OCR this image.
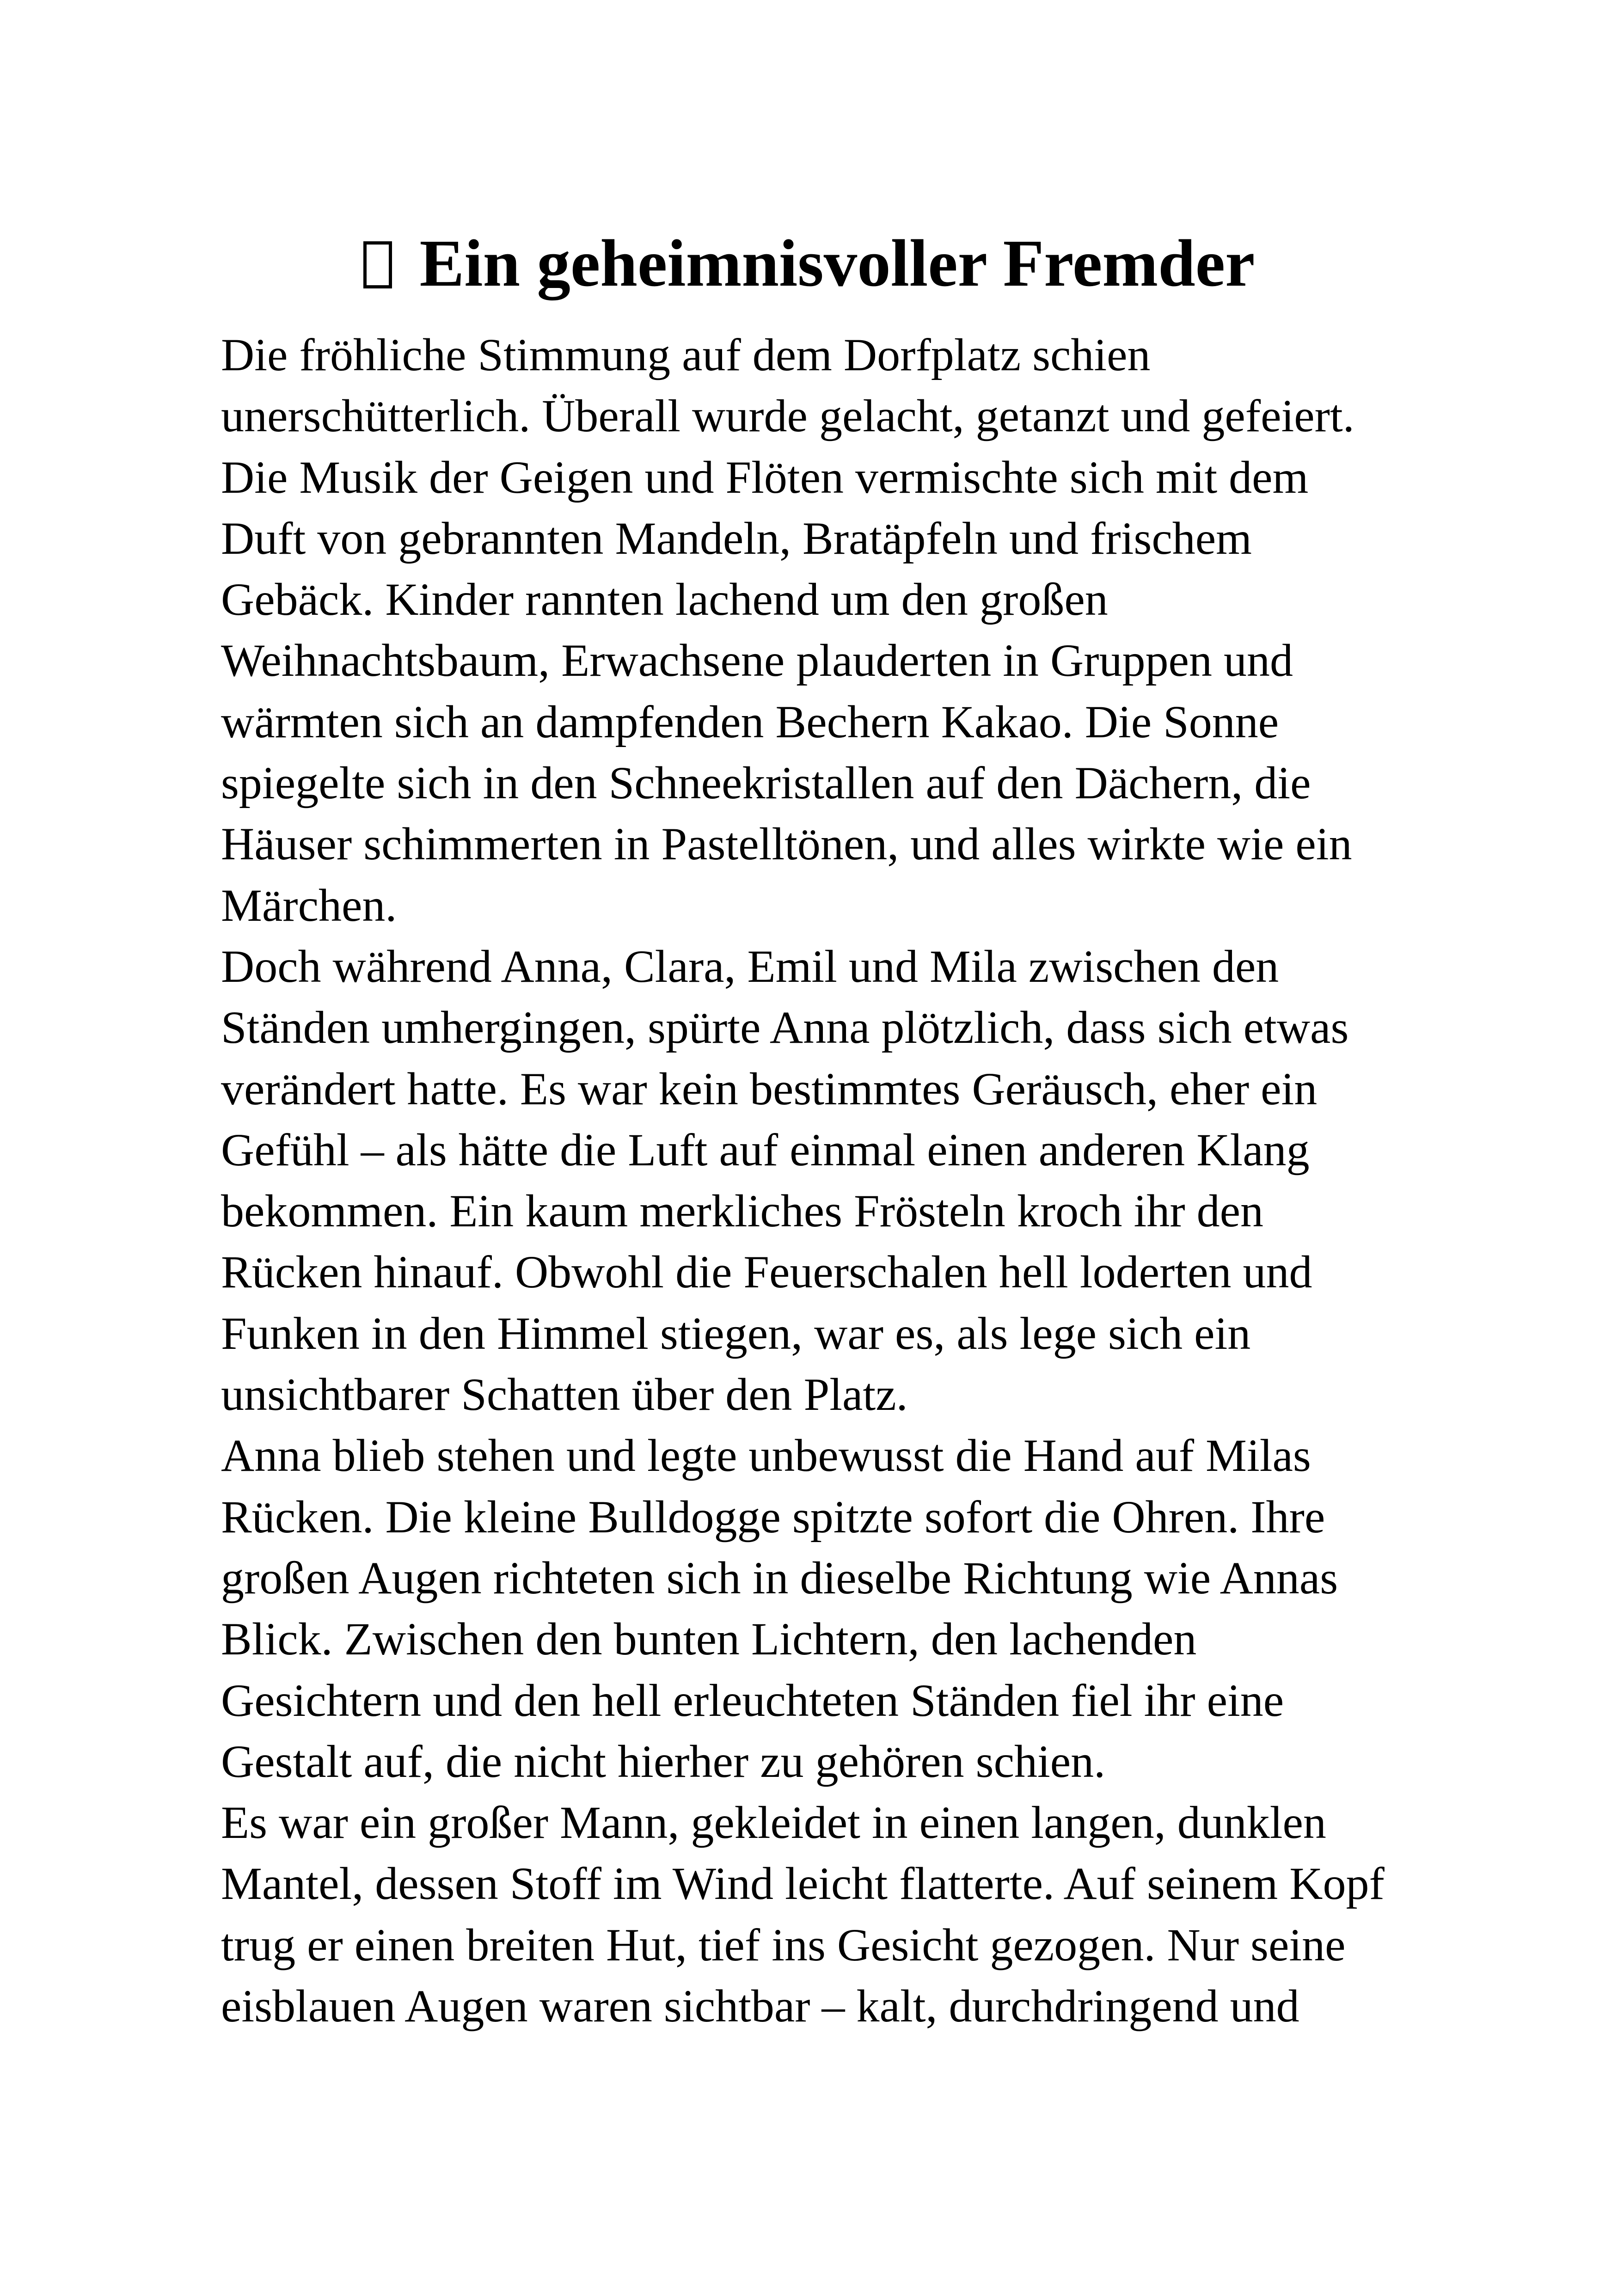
Ein geheimnisvoller Fremder
Die fröhliche Stimmung auf dem Dorfplatz schien
unerschütterlich. Überall wurde gelacht, getanzt und gefeiert.
Die Musik der Geigen und Flöten vermischte sich mit dem
Duft von gebrannten Mandeln, Bratäpfeln und frischem
Gebäck. Kinder rannten lachend um den großen
Weihnachtsbaum, Erwachsene plauderten in Gruppen und
wärmten sich an dampfenden Bechern Kakao. Die Sonne
spiegelte sich in den Schneekristallen auf den Dächern, die
Häuser schimmerten in Pastelltönen, und alles wirkte wie ein
Märchen.
Doch während Anna, Clara, Emil und Mila zwischen den
Ständen umhergingen, spürte Anna plötzlich, dass sich etwas
verändert hatte. Es war kein bestimmtes Geräusch, eher ein
Gefühl – als hätte die Luft auf einmal einen anderen Klang
bekommen. Ein kaum merkliches Frösteln kroch ihr den
Rücken hinauf. Obwohl die Feuerschalen hell loderten und
Funken in den Himmel stiegen, war es, als lege sich ein
unsichtbarer Schatten über den Platz.
Anna blieb stehen und legte unbewusst die Hand auf Milas
Rücken. Die kleine Bulldogge spitzte sofort die Ohren. Ihre
großen Augen richteten sich in dieselbe Richtung wie Annas
Blick. Zwischen den bunten Lichtern, den lachenden
Gesichtern und den hell erleuchteten Ständen fiel ihr eine
Gestalt auf, die nicht hierher zu gehören schien.
Es war ein großer Mann, gekleidet in einen langen, dunklen
Mantel, dessen Stoff im Wind leicht flatterte. Auf seinem Kopf
trug er einen breiten Hut, tief ins Gesicht gezogen. Nur seine
eisblauen Augen waren sichtbar – kalt, durchdringend und
